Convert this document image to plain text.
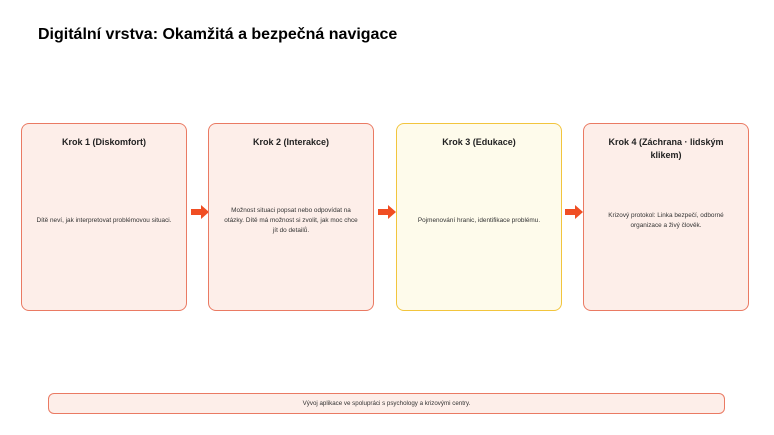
Digitální vrstva: Okamžitá a bezpečná navigace
Krok 1 (Diskomfort)
Dítě neví, jak interpretovat problémovou situaci.
Krok 2 (Interakce)
Možnost situaci popsat nebo odpovídat na otázky. Dítě má možnost si zvolit, jak moc chce jít do detailů.
Krok 3 (Edukace)
Pojmenování hranic, identifikace problému.
Krok 4 (Záchrana · lidským klikem)
Krizový protokol: Linka bezpečí, odborné organizace a živý člověk.
Vývoj aplikace ve spolupráci s psychology a krizovými centry.
